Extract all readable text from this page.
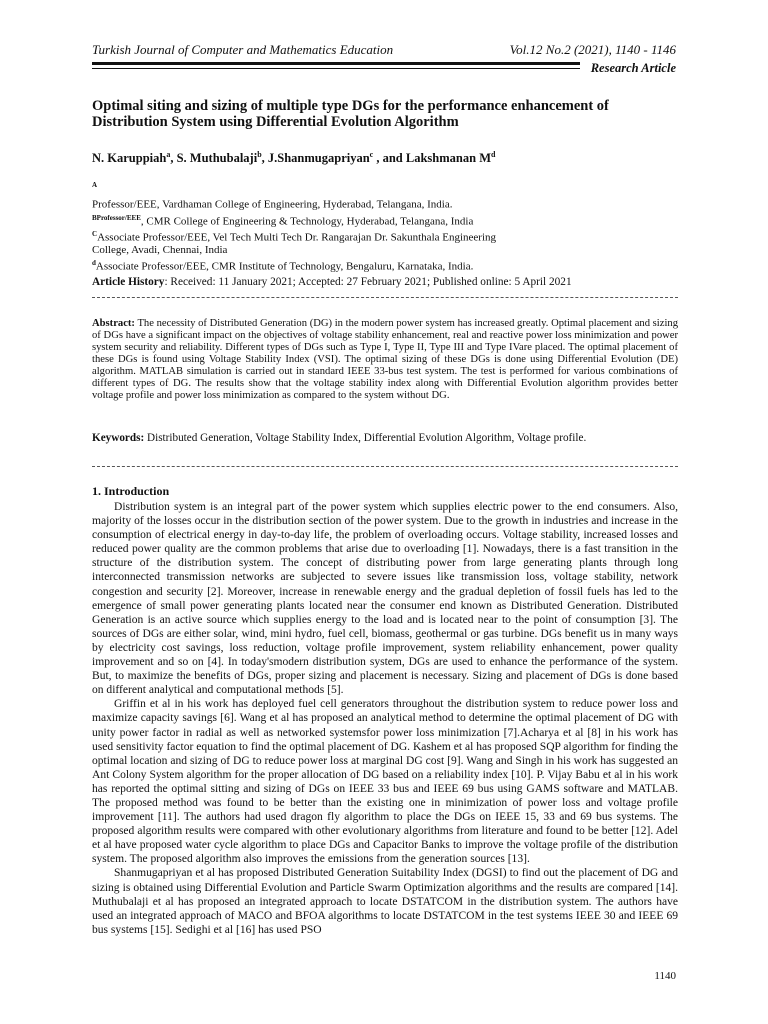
Turkish Journal of Computer and Mathematics Education	Vol.12 No.2 (2021), 1140 - 1146
Research Article
Optimal siting and sizing of multiple type DGs for the performance enhancement of Distribution System using Differential Evolution Algorithm
N. Karuppiah$^a$, S. Muthubalaji$^b$, J.Shanmugapriyan$^c$ , and Lakshmanan $M^d$
$^A$
Professor/EEE, Vardhaman College of Engineering, Hyderabad, Telangana, India.
$^{BProfessor/EEE}$, CMR College of Engineering & Technology, Hyderabad, Telangana, India
$^C$Associate Professor/EEE, Vel Tech Multi Tech Dr. Rangarajan Dr. Sakunthala Engineering College, Avadi, Chennai, India
$^d$Associate Professor/EEE, CMR Institute of Technology, Bengaluru, Karnataka, India.
Article History: Received: 11 January 2021; Accepted: 27 February 2021; Published online: 5 April 2021
Abstract: The necessity of Distributed Generation (DG) in the modern power system has increased greatly. Optimal placement and sizing of DGs have a significant impact on the objectives of voltage stability enhancement, real and reactive power loss minimization and power system security and reliability. Different types of DGs such as Type I, Type II, Type III and Type IVare placed. The optimal placement of these DGs is found using Voltage Stability Index (VSI). The optimal sizing of these DGs is done using Differential Evolution (DE) algorithm. MATLAB simulation is carried out in standard IEEE 33-bus test system. The test is performed for various combinations of different types of DG. The results show that the voltage stability index along with Differential Evolution algorithm provides better voltage profile and power loss minimization as compared to the system without DG.
Keywords: Distributed Generation, Voltage Stability Index, Differential Evolution Algorithm, Voltage profile.
1. Introduction

Distribution system is an integral part of the power system which supplies electric power to the end consumers. Also, majority of the losses occur in the distribution section of the power system. Due to the growth in industries and increase in the consumption of electrical energy in day-to-day life, the problem of overloading occurs. Voltage stability, increased losses and reduced power quality are the common problems that arise due to overloading [1]. Nowadays, there is a fast transition in the structure of the distribution system. The concept of distributing power from large generating plants through long interconnected transmission networks are subjected to severe issues like transmission loss, voltage stability, network congestion and security [2]. Moreover, increase in renewable energy and the gradual depletion of fossil fuels has led to the emergence of small power generating plants located near the consumer end known as Distributed Generation. Distributed Generation is an active source which supplies energy to the load and is located near to the point of consumption [3]. The sources of DGs are either solar, wind, mini hydro, fuel cell, biomass, geothermal or gas turbine. DGs benefit us in many ways by electricity cost savings, loss reduction, voltage profile improvement, system reliability enhancement, power quality improvement and so on [4]. In today'smodern distribution system, DGs are used to enhance the performance of the system. But, to maximize the benefits of DGs, proper sizing and placement is necessary. Sizing and placement of DGs is done based on different analytical and computational methods [5].

Griffin et al in his work has deployed fuel cell generators throughout the distribution system to reduce power loss and maximize capacity savings [6]. Wang et al has proposed an analytical method to determine the optimal placement of DG with unity power factor in radial as well as networked systemsfor power loss minimization [7].Acharya et al [8] in his work has used sensitivity factor equation to find the optimal placement of DG. Kashem et al has proposed SQP algorithm for finding the optimal location and sizing of DG to reduce power loss at marginal DG cost [9]. Wang and Singh in his work has suggested an Ant Colony System algorithm for the proper allocation of DG based on a reliability index [10]. P. Vijay Babu et al in his work has reported the optimal sitting and sizing of DGs on IEEE 33 bus and IEEE 69 bus using GAMS software and MATLAB. The proposed method was found to be better than the existing one in minimization of power loss and voltage profile improvement [11]. The authors had used dragon fly algorithm to place the DGs on IEEE 15, 33 and 69 bus systems. The proposed algorithm results were compared with other evolutionary algorithms from literature and found to be better [12]. Adel et al have proposed water cycle algorithm to place DGs and Capacitor Banks to improve the voltage profile of the distribution system. The proposed algorithm also improves the emissions from the generation sources [13].

Shanmugapriyan et al has proposed Distributed Generation Suitability Index (DGSI) to find out the placement of DG and sizing is obtained using Differential Evolution and Particle Swarm Optimization algorithms and the results are compared [14]. Muthubalaji et al has proposed an integrated approach to locate DSTATCOM in the distribution system. The authors have used an integrated approach of MACO and BFOA algorithms to locate DSTATCOM in the test systems IEEE 30 and IEEE 69 bus systems [15]. Sedighi et al [16] has used PSO

1140
